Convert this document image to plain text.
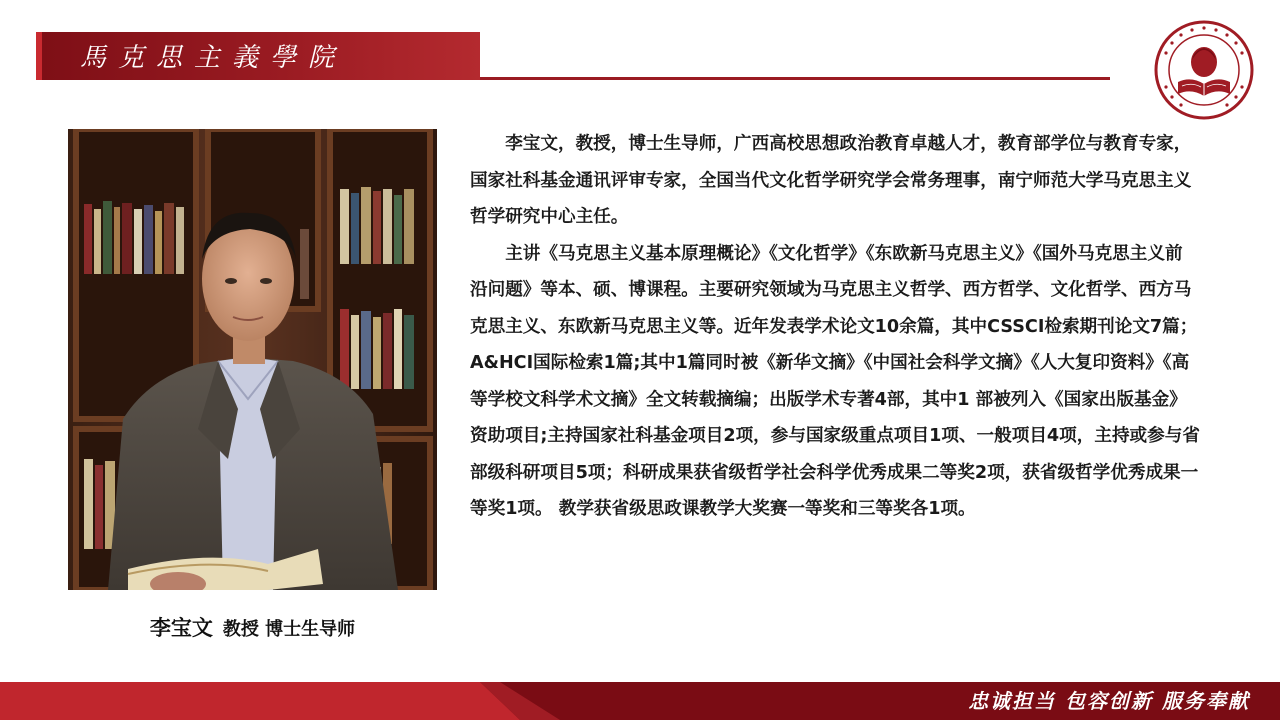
馬克思主義學院
李宝文 教授 博士生导师

李宝文，教授，博士生导师，广西高校思想政治教育卓越人才，教育部学位与教育专家，国家社科基金通讯评审专家，全国当代文化哲学研究学会常务理事，南宁师范大学马克思主义哲学研究中心主任。

主讲《马克思主义基本原理概论》《文化哲学》《东欧新马克思主义》《国外马克思主义前沿问题》等本、硕、博课程。主要研究领域为马克思主义哲学、西方哲学、文化哲学、西方马克思主义、东欧新马克思主义等。近年发表学术论文10余篇，其中CSSCI检索期刊论文7篇； A&HCI国际检索1篇;其中1篇同时被《新华文摘》《中国社会科学文摘》《人大复印资料》《高等学校文科学术文摘》全文转载摘编；出版学术专著4部，其中1 部被列入《国家出版基金》资助项目;主持国家社科基金项目2项，参与国家级重点项目1项、一般项目4项，主持或参与省部级科研项目5项；科研成果获省级哲学社会科学优秀成果二等奖2项，获省级哲学优秀成果一等奖1项。 教学获省级思政课教学大奖赛一等奖和三等奖各1项。

忠诚担当 包容创新 服务奉献
